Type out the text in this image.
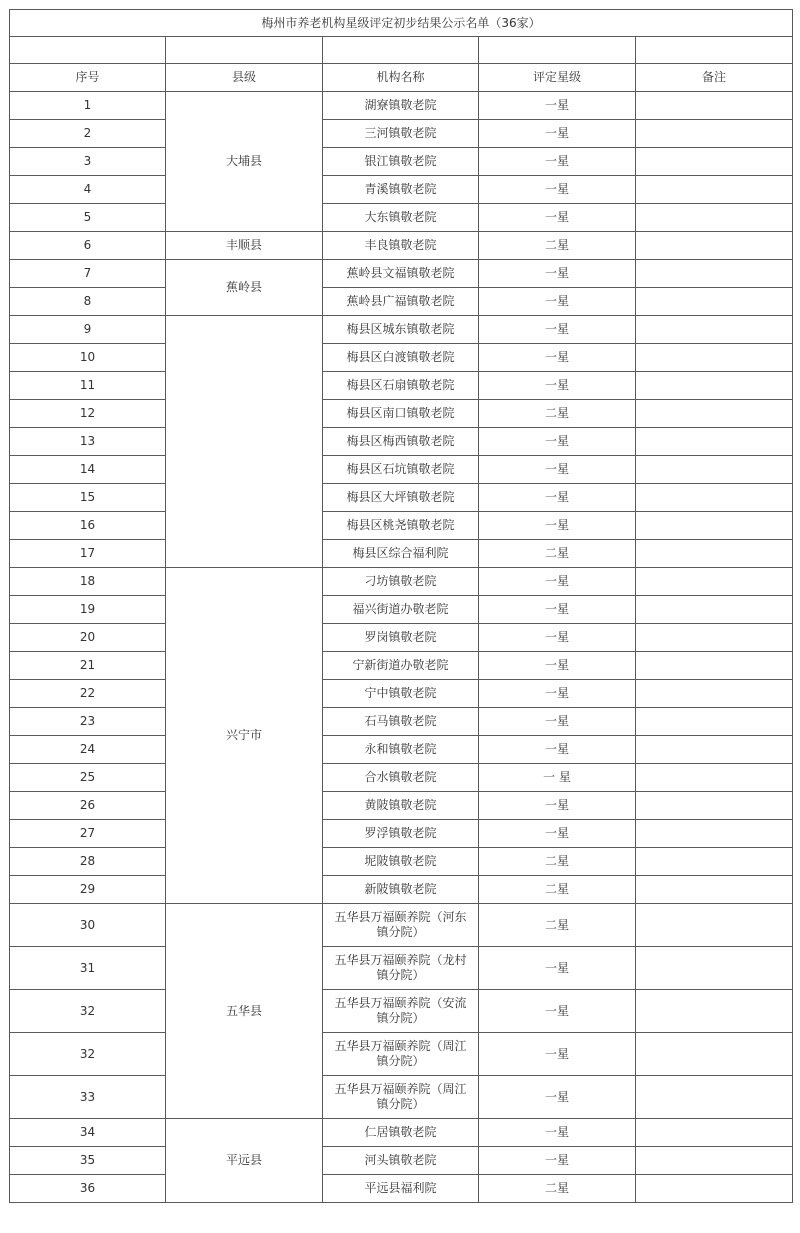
梅州市养老机构星级评定初步结果公示名单（36家）				

序号	县级	机构名称	评定星级	备注
1	大埔县	湖寮镇敬老院	一星	
2		三河镇敬老院	一星	
3		银江镇敬老院	一星	
4		青溪镇敬老院	一星	
5		大东镇敬老院	一星	
6	丰顺县	丰良镇敬老院	二星	
7	蕉岭县	蕉岭县文福镇敬老院	一星	
8		蕉岭县广福镇敬老院	一星	
9		梅县区城东镇敬老院	一星	
10		梅县区白渡镇敬老院	一星	
11		梅县区石扇镇敬老院	一星	
12		梅县区南口镇敬老院	二星	
13		梅县区梅西镇敬老院	一星	
14		梅县区石坑镇敬老院	一星	
15		梅县区大坪镇敬老院	一星	
16		梅县区桃尧镇敬老院	一星	
17		梅县区综合福利院	二星	
18	兴宁市	刁坊镇敬老院	一星	
19		福兴街道办敬老院	一星	
20		罗岗镇敬老院	一星	
21		宁新街道办敬老院	一星	
22		宁中镇敬老院	一星	
23		石马镇敬老院	一星	
24		永和镇敬老院	一星	
25		合水镇敬老院	一 星	
26		黄陂镇敬老院	一星	
27		罗浮镇敬老院	一星	
28		坭陂镇敬老院	二星	
29		新陂镇敬老院	二星	
30	五华县	五华县万福颐养院（河东镇分院）	二星	
31		五华县万福颐养院（龙村镇分院）	一星	
32		五华县万福颐养院（安流镇分院）	一星	
32		五华县万福颐养院（周江镇分院）	一星	
33		五华县万福颐养院（周江镇分院）	一星	
34	平远县	仁居镇敬老院	一星	
35		河头镇敬老院	一星	
36		平远县福利院	二星	
